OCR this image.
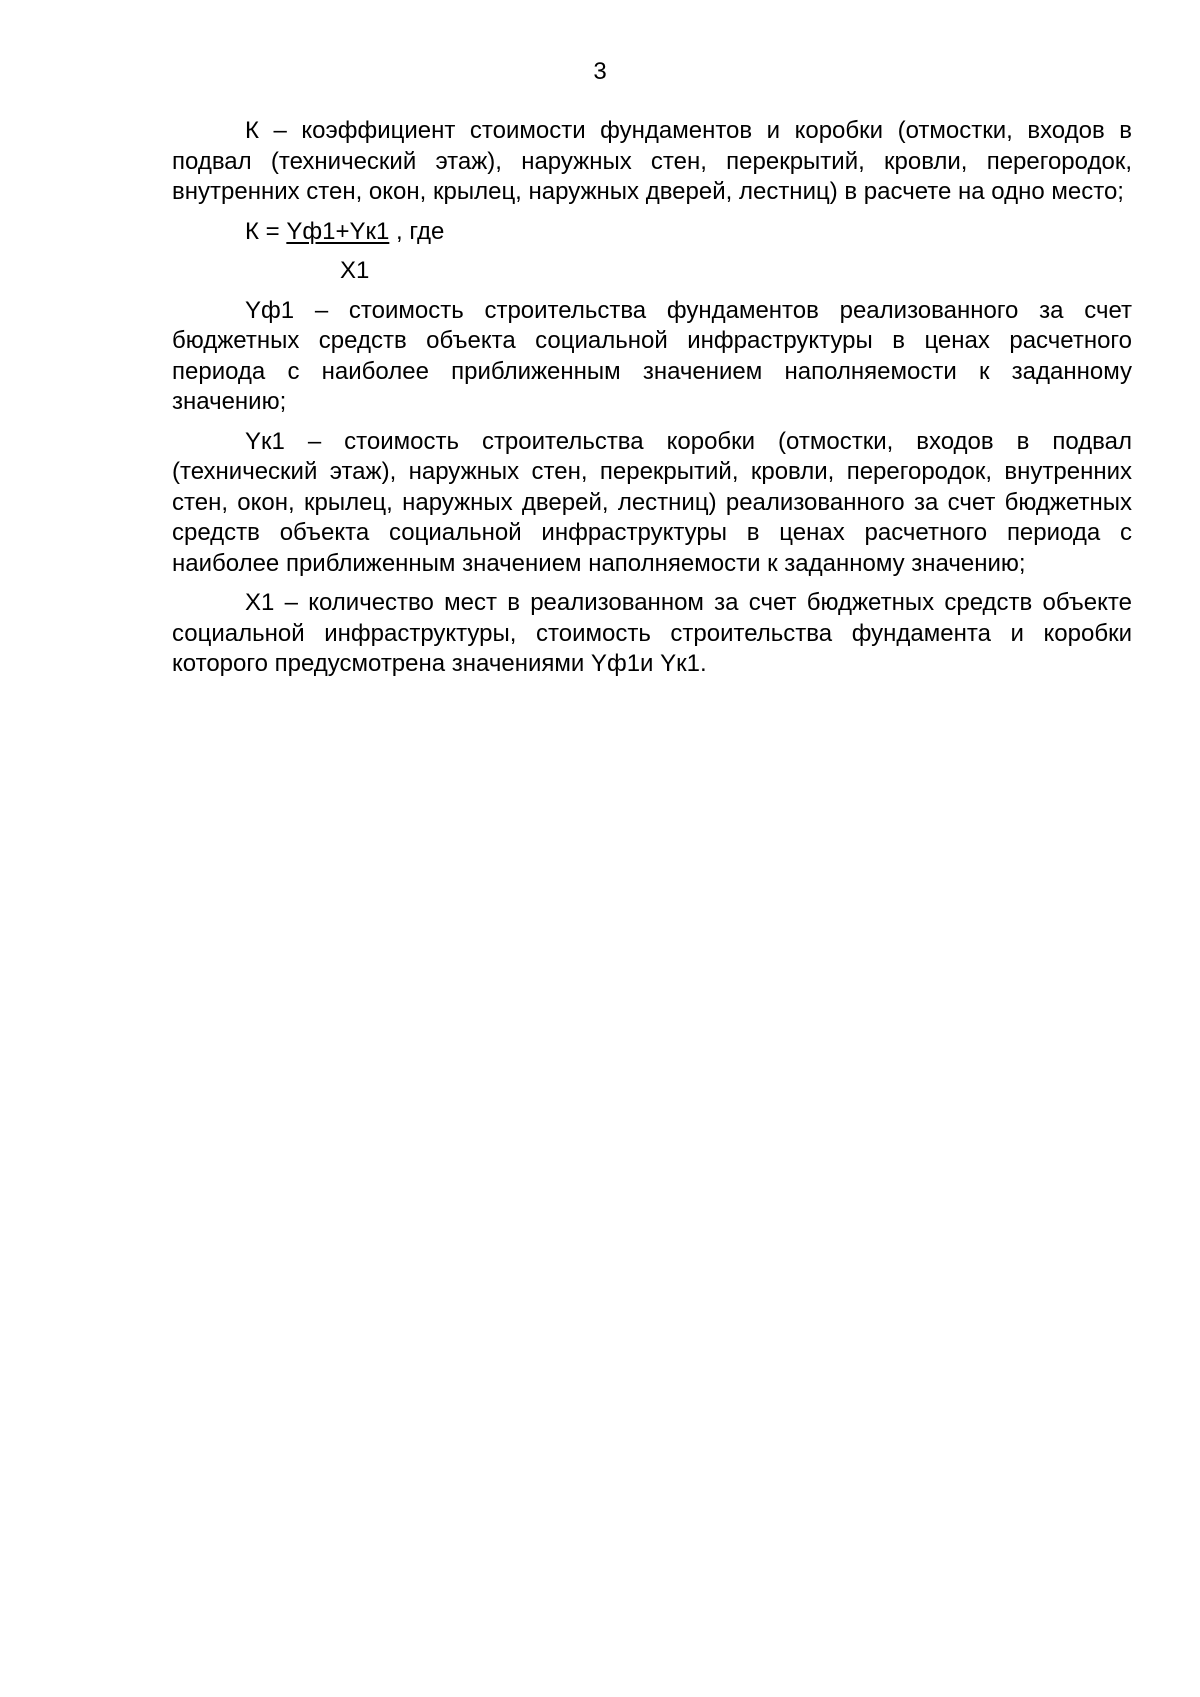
3

К – коэффициент стоимости фундаментов и коробки (отмостки, входов в подвал (технический этаж), наружных стен, перекрытий, кровли, перегородок, внутренних стен, окон, крылец, наружных дверей, лестниц) в расчете на одно место;

К = Yф1+Yк1 , где

X1

Yф1 – стоимость строительства фундаментов реализованного за счет бюджетных средств объекта социальной инфраструктуры в ценах расчетного периода с наиболее приближенным значением наполняемости к заданному значению;

Yк1 – стоимость строительства коробки (отмостки, входов в подвал (технический этаж), наружных стен, перекрытий, кровли, перегородок, внутренних стен, окон, крылец, наружных дверей, лестниц) реализованного за счет бюджетных средств объекта социальной инфраструктуры в ценах расчетного периода с наиболее приближенным значением наполняемости к заданному значению;

X1 – количество мест в реализованном за счет бюджетных средств объекте социальной инфраструктуры, стоимость строительства фундамента и коробки которого предусмотрена значениями Yф1и Yк1.
